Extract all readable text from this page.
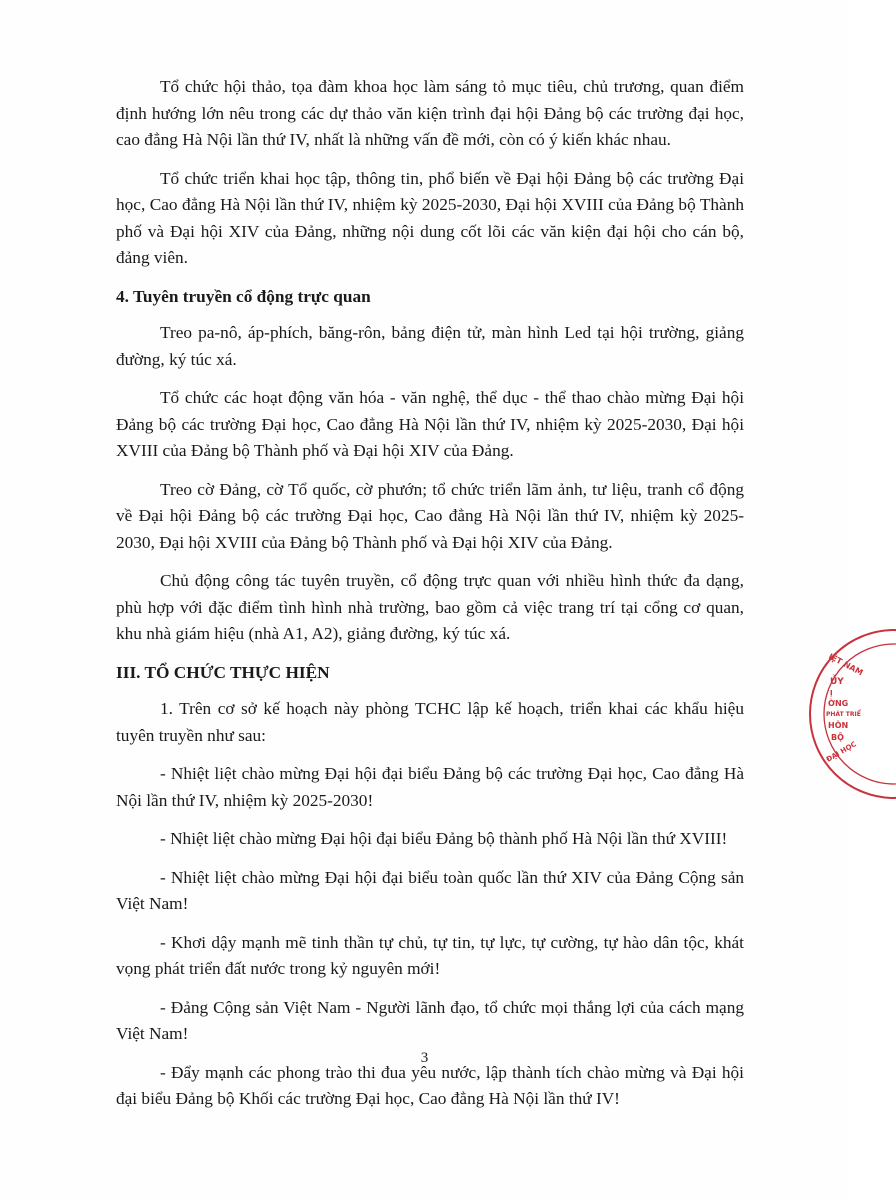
Tổ chức hội thảo, tọa đàm khoa học làm sáng tỏ mục tiêu, chủ trương, quan điểm định hướng lớn nêu trong các dự thảo văn kiện trình đại hội Đảng bộ các trường đại học, cao đẳng Hà Nội lần thứ IV, nhất là những vấn đề mới, còn có ý kiến khác nhau.

Tổ chức triển khai học tập, thông tin, phổ biến về Đại hội Đảng bộ các trường Đại học, Cao đẳng Hà Nội lần thứ IV, nhiệm kỳ 2025-2030, Đại hội XVIII của Đảng bộ Thành phố và Đại hội XIV của Đảng, những nội dung cốt lõi các văn kiện đại hội cho cán bộ, đảng viên.

4. Tuyên truyền cổ động trực quan

Treo pa-nô, áp-phích, băng-rôn, bảng điện tử, màn hình Led tại hội trường, giảng đường, ký túc xá.

Tổ chức các hoạt động văn hóa - văn nghệ, thể dục - thể thao chào mừng Đại hội Đảng bộ các trường Đại học, Cao đẳng Hà Nội lần thứ IV, nhiệm kỳ 2025-2030, Đại hội XVIII của Đảng bộ Thành phố và Đại hội XIV của Đảng.

Treo cờ Đảng, cờ Tổ quốc, cờ phướn; tổ chức triển lãm ảnh, tư liệu, tranh cổ động về Đại hội Đảng bộ các trường Đại học, Cao đẳng Hà Nội lần thứ IV, nhiệm kỳ 2025-2030, Đại hội XVIII của Đảng bộ Thành phố và Đại hội XIV của Đảng.

Chủ động công tác tuyên truyền, cổ động trực quan với nhiều hình thức đa dạng, phù hợp với đặc điểm tình hình nhà trường, bao gồm cả việc trang trí tại cổng cơ quan, khu nhà giám hiệu (nhà A1, A2), giảng đường, ký túc xá.

III. TỔ CHỨC THỰC HIỆN

1. Trên cơ sở kế hoạch này phòng TCHC lập kế hoạch, triển khai các khẩu hiệu tuyên truyền như sau:

- Nhiệt liệt chào mừng Đại hội đại biểu Đảng bộ các trường Đại học, Cao đẳng Hà Nội lần thứ IV, nhiệm kỳ 2025-2030!

- Nhiệt liệt chào mừng Đại hội đại biểu Đảng bộ thành phố Hà Nội lần thứ XVIII!

- Nhiệt liệt chào mừng Đại hội đại biểu toàn quốc lần thứ XIV của Đảng Cộng sản Việt Nam!

- Khơi dậy mạnh mẽ tinh thần tự chủ, tự tin, tự lực, tự cường, tự hào dân tộc, khát vọng phát triển đất nước trong kỷ nguyên mới!

- Đảng Cộng sản Việt Nam - Người lãnh đạo, tổ chức mọi thắng lợi của cách mạng Việt Nam!

- Đẩy mạnh các phong trào thi đua yêu nước, lập thành tích chào mừng và Đại hội đại biểu Đảng bộ Khối các trường Đại học, Cao đẳng Hà Nội lần thứ IV!

3
IỆT NAM
ỦY
Ị
ỜNG
PHÁT TRIỂ
HÔN
BỘ
ĐẠI HỌC
